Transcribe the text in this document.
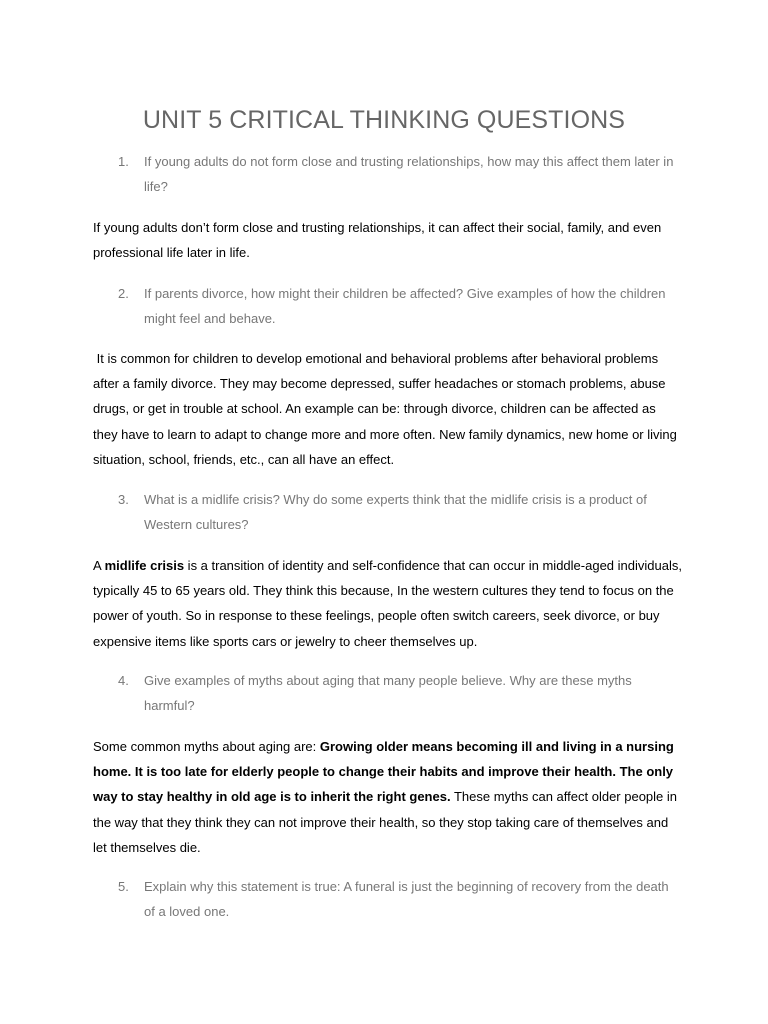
UNIT 5 CRITICAL THINKING QUESTIONS
1. If young adults do not form close and trusting relationships, how may this affect them later in life?
If young adults don’t form close and trusting relationships, it can affect their social, family, and even professional life later in life.
2. If parents divorce, how might their children be affected? Give examples of how the children might feel and behave.
It is common for children to develop emotional and behavioral problems after behavioral problems after a family divorce. They may become depressed, suffer headaches or stomach problems, abuse drugs, or get in trouble at school. An example can be: through divorce, children can be affected as they have to learn to adapt to change more and more often. New family dynamics, new home or living situation, school, friends, etc., can all have an effect.
3. What is a midlife crisis? Why do some experts think that the midlife crisis is a product of Western cultures?
A midlife crisis is a transition of identity and self-confidence that can occur in middle-aged individuals, typically 45 to 65 years old. They think this because, In the western cultures they tend to focus on the power of youth. So in response to these feelings, people often switch careers, seek divorce, or buy expensive items like sports cars or jewelry to cheer themselves up.
4. Give examples of myths about aging that many people believe. Why are these myths harmful?
Some common myths about aging are: Growing older means becoming ill and living in a nursing home. It is too late for elderly people to change their habits and improve their health. The only way to stay healthy in old age is to inherit the right genes. These myths can affect older people in the way that they think they can not improve their health, so they stop taking care of themselves and let themselves die.
5. Explain why this statement is true: A funeral is just the beginning of recovery from the death of a loved one.
